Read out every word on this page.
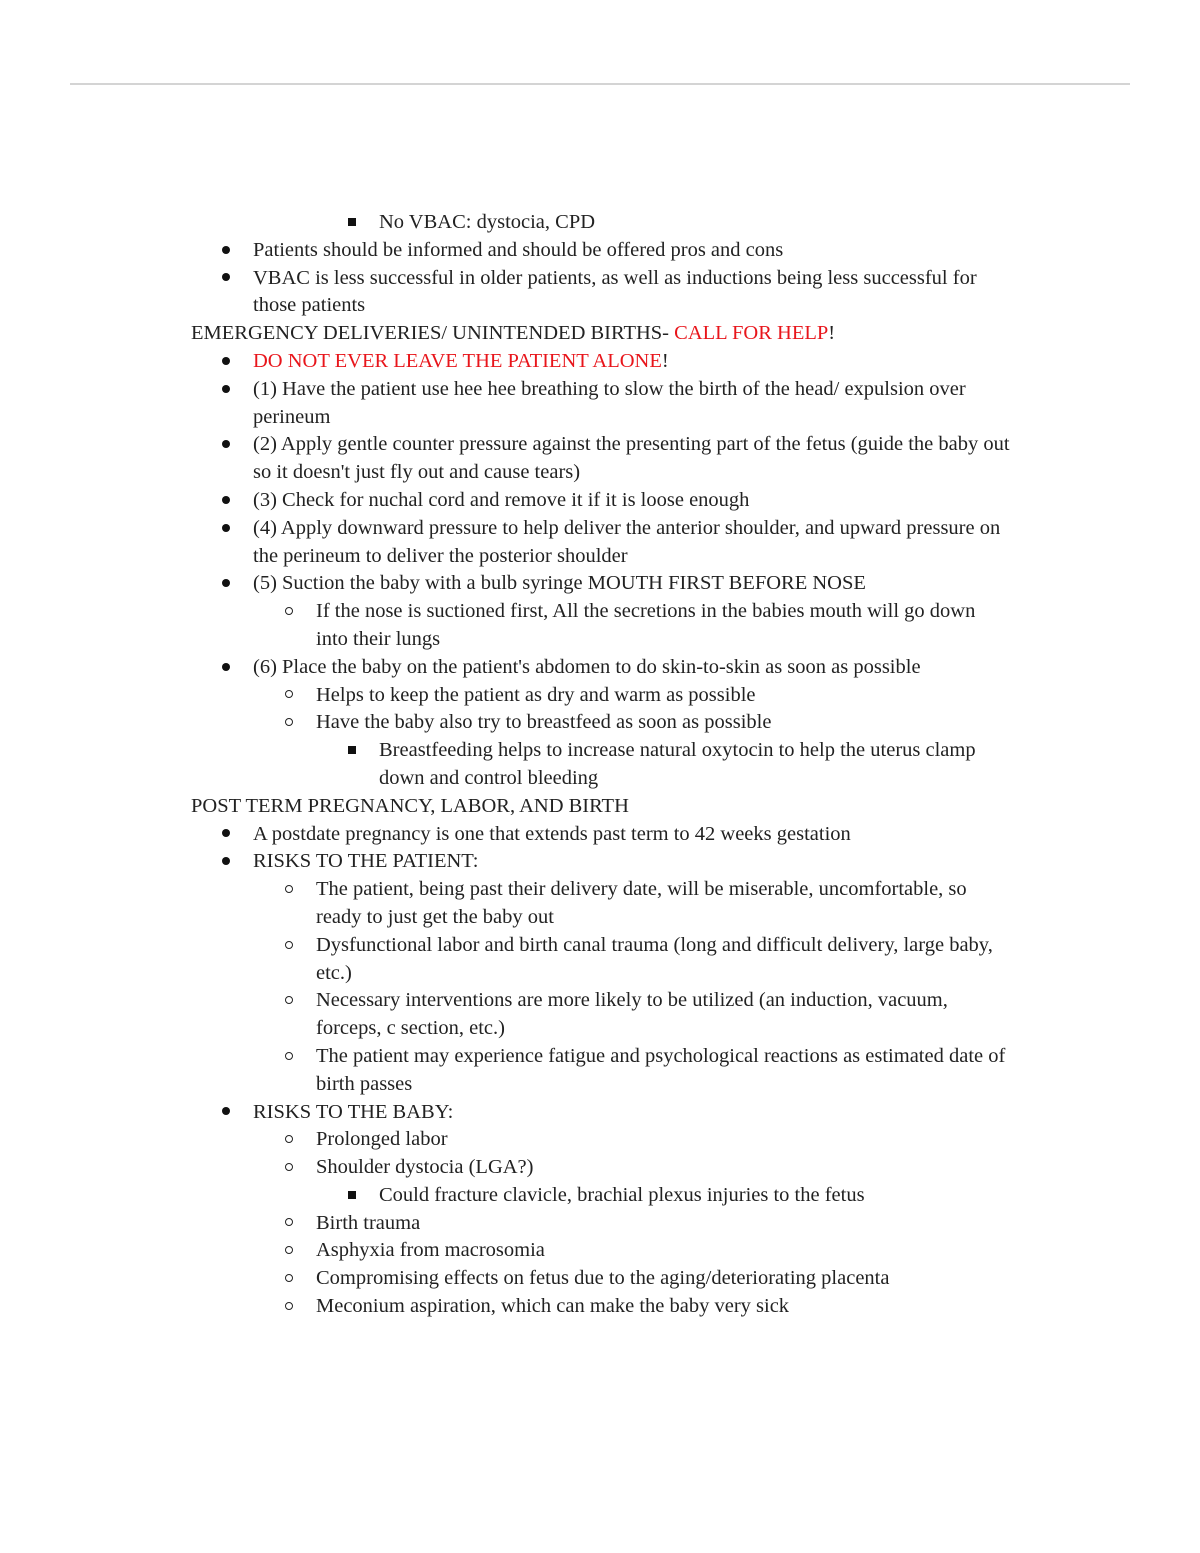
No VBAC: dystocia, CPD
Patients should be informed and should be offered pros and cons
VBAC is less successful in older patients, as well as inductions being less successful for those patients

EMERGENCY DELIVERIES/ UNINTENDED BIRTHS- CALL FOR HELP!

DO NOT EVER LEAVE THE PATIENT ALONE!
(1) Have the patient use hee hee breathing to slow the birth of the head/ expulsion over perineum
(2) Apply gentle counter pressure against the presenting part of the fetus (guide the baby out so it doesn't just fly out and cause tears)
(3) Check for nuchal cord and remove it if it is loose enough
(4) Apply downward pressure to help deliver the anterior shoulder, and upward pressure on the perineum to deliver the posterior shoulder
(5) Suction the baby with a bulb syringe MOUTH FIRST BEFORE NOSE
If the nose is suctioned first, All the secretions in the babies mouth will go down into their lungs
(6) Place the baby on the patient's abdomen to do skin-to-skin as soon as possible
Helps to keep the patient as dry and warm as possible
Have the baby also try to breastfeed as soon as possible
Breastfeeding helps to increase natural oxytocin to help the uterus clamp down and control bleeding

POST TERM PREGNANCY, LABOR, AND BIRTH

A postdate pregnancy is one that extends past term to 42 weeks gestation
RISKS TO THE PATIENT:
The patient, being past their delivery date, will be miserable, uncomfortable, so ready to just get the baby out
Dysfunctional labor and birth canal trauma (long and difficult delivery, large baby, etc.)
Necessary interventions are more likely to be utilized (an induction, vacuum, forceps, c section, etc.)
The patient may experience fatigue and psychological reactions as estimated date of birth passes
RISKS TO THE BABY:
Prolonged labor
Shoulder dystocia (LGA?)
Could fracture clavicle, brachial plexus injuries to the fetus
Birth trauma
Asphyxia from macrosomia
Compromising effects on fetus due to the aging/deteriorating placenta
Meconium aspiration, which can make the baby very sick
